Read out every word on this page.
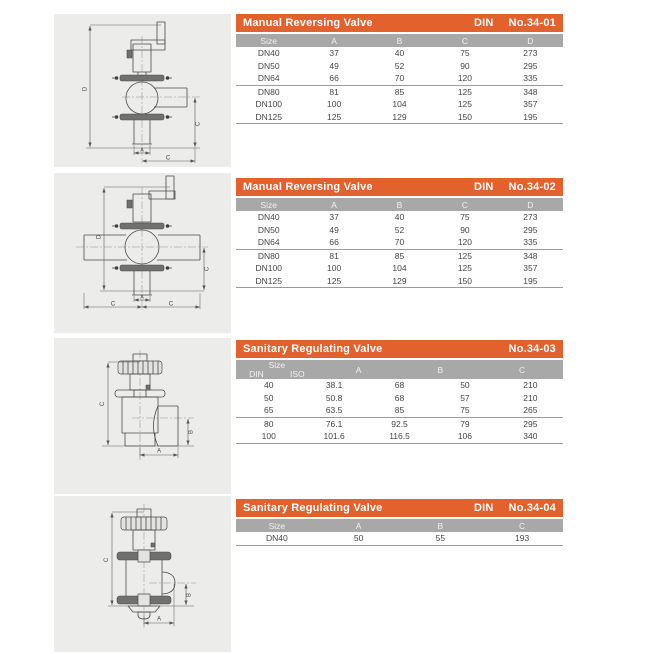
D
C
A
C
Manual Reversing Valve	DIN No.34-01
Size	A	B	C	D
DN40	37	40	75	273
DN50	49	52	90	295
DN64	66	70	120	335
DN80	81	85	125	348
DN100	100	104	125	357
DN125	125	129	150	195
D
C
A
C	C
Manual Reversing Valve	DIN No.34-02
Size	A	B	C	D
DN40	37	40	75	273
DN50	49	52	90	295
DN64	66	70	120	335
DN80	81	85	125	348
DN100	100	104	125	357
DN125	125	129	150	195
C
B
A
Sanitary Regulating Valve	No.34-03
Size
DIN	ISO	A	B	C
40	38.1	68	50	210
50	50.8	68	57	210
65	63.5	85	75	265
80	76.1	92.5	79	295
100	101.6	116.5	106	340
C
B
A
Sanitary Regulating Valve	DIN No.34-04
Size	A	B	C
DN40	50	55	193
